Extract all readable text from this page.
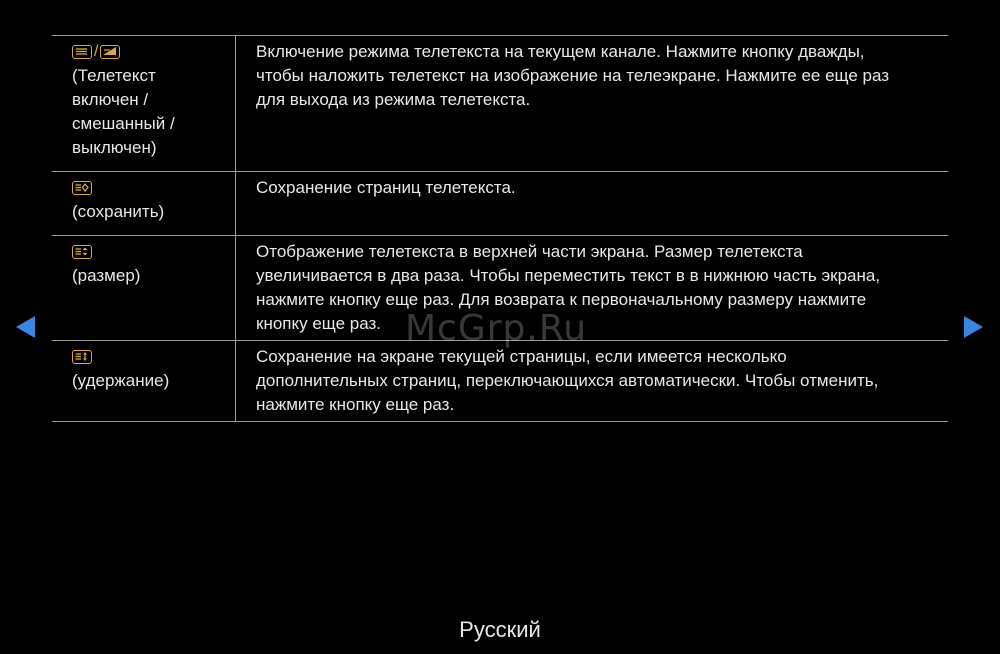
/
(Телетекст
включен /
смешанный /
выключен)
Включение режима телетекста на текущем канале. Нажмите кнопку дважды,
чтобы наложить телетекст на изображение на телеэкране. Нажмите ее еще раз
для выхода из режима телетекста.
(сохранить)
Сохранение страниц телетекста.
(размер)
Отображение телетекста в верхней части экрана. Размер телетекста
увеличивается в два раза. Чтобы переместить текст в в нижнюю часть экрана,
нажмите кнопку еще раз. Для возврата к первоначальному размеру нажмите
кнопку еще раз.
(удержание)
Сохранение на экране текущей страницы, если имеется несколько
дополнительных страниц, переключающихся автоматически. Чтобы отменить,
нажмите кнопку еще раз.
McGrp.Ru
Русский
